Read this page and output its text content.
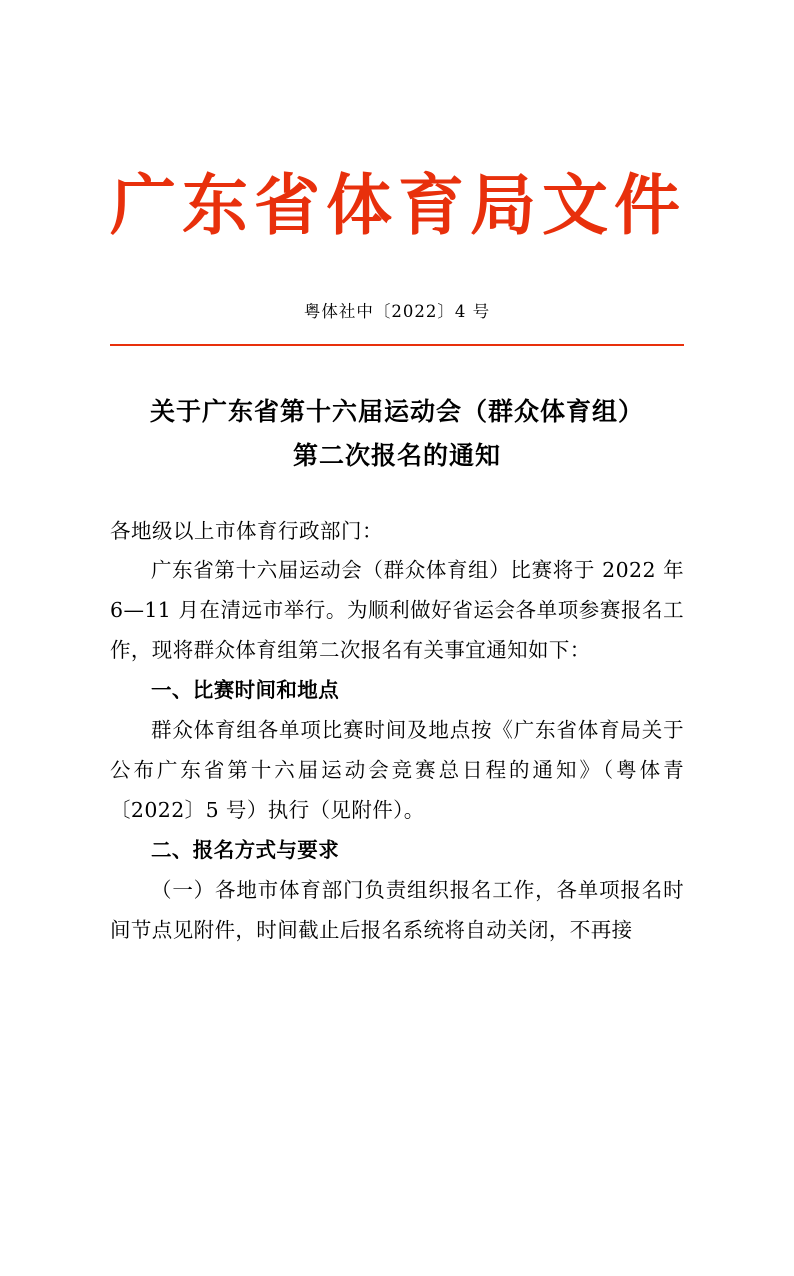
广东省体育局文件
粤体社中〔2022〕4 号
关于广东省第十六届运动会（群众体育组）
第二次报名的通知
各地级以上市体育行政部门：

广东省第十六届运动会（群众体育组）比赛将于 2022 年 6—11 月在清远市举行。为顺利做好省运会各单项参赛报名工作，现将群众体育组第二次报名有关事宜通知如下：

一、比赛时间和地点

群众体育组各单项比赛时间及地点按《广东省体育局关于公布广东省第十六届运动会竞赛总日程的通知》（粤体青〔2022〕5 号）执行（见附件）。

二、报名方式与要求

（一）各地市体育部门负责组织报名工作，各单项报名时间节点见附件，时间截止后报名系统将自动关闭，不再接
